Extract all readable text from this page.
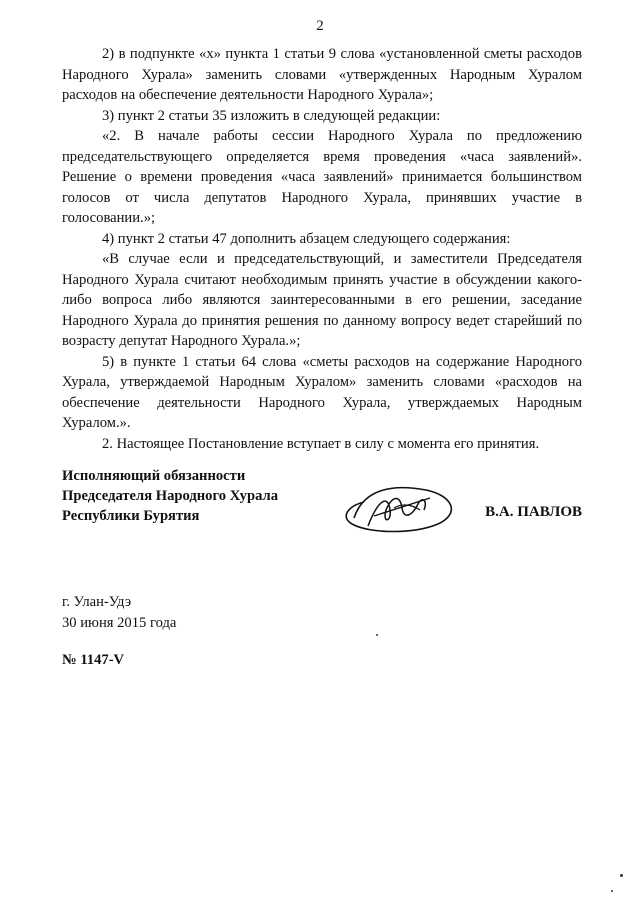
2

2) в подпункте «х» пункта 1 статьи 9 слова «установленной сметы расходов Народного Хурала» заменить словами «утвержденных Народным Хуралом расходов на обеспечение деятельности Народного Хурала»;

3) пункт 2 статьи 35 изложить в следующей редакции:

«2. В начале работы сессии Народного Хурала по предложению председательствующего определяется время проведения «часа заявлений». Решение о времени проведения «часа заявлений» принимается большинством голосов от числа депутатов Народного Хурала, принявших участие в голосовании.»;

4) пункт 2 статьи 47 дополнить абзацем следующего содержания:

«В случае если и председательствующий, и заместители Председателя Народного Хурала считают необходимым принять участие в обсуждении какого-либо вопроса либо являются заинтересованными в его решении, заседание Народного Хурала до принятия решения по данному вопросу ведет старейший по возрасту депутат Народного Хурала.»;

5) в пункте 1 статьи 64 слова «сметы расходов на содержание Народного Хурала, утверждаемой Народным Хуралом» заменить словами «расходов на обеспечение деятельности Народного Хурала, утверждаемых Народным Хуралом.».

2. Настоящее Постановление вступает в силу с момента его принятия.

Исполняющий обязанности
Председателя Народного Хурала
Республики Бурятия	В.А. ПАВЛОВ
г. Улан-Удэ
30 июня 2015 года
№ 1147-V
